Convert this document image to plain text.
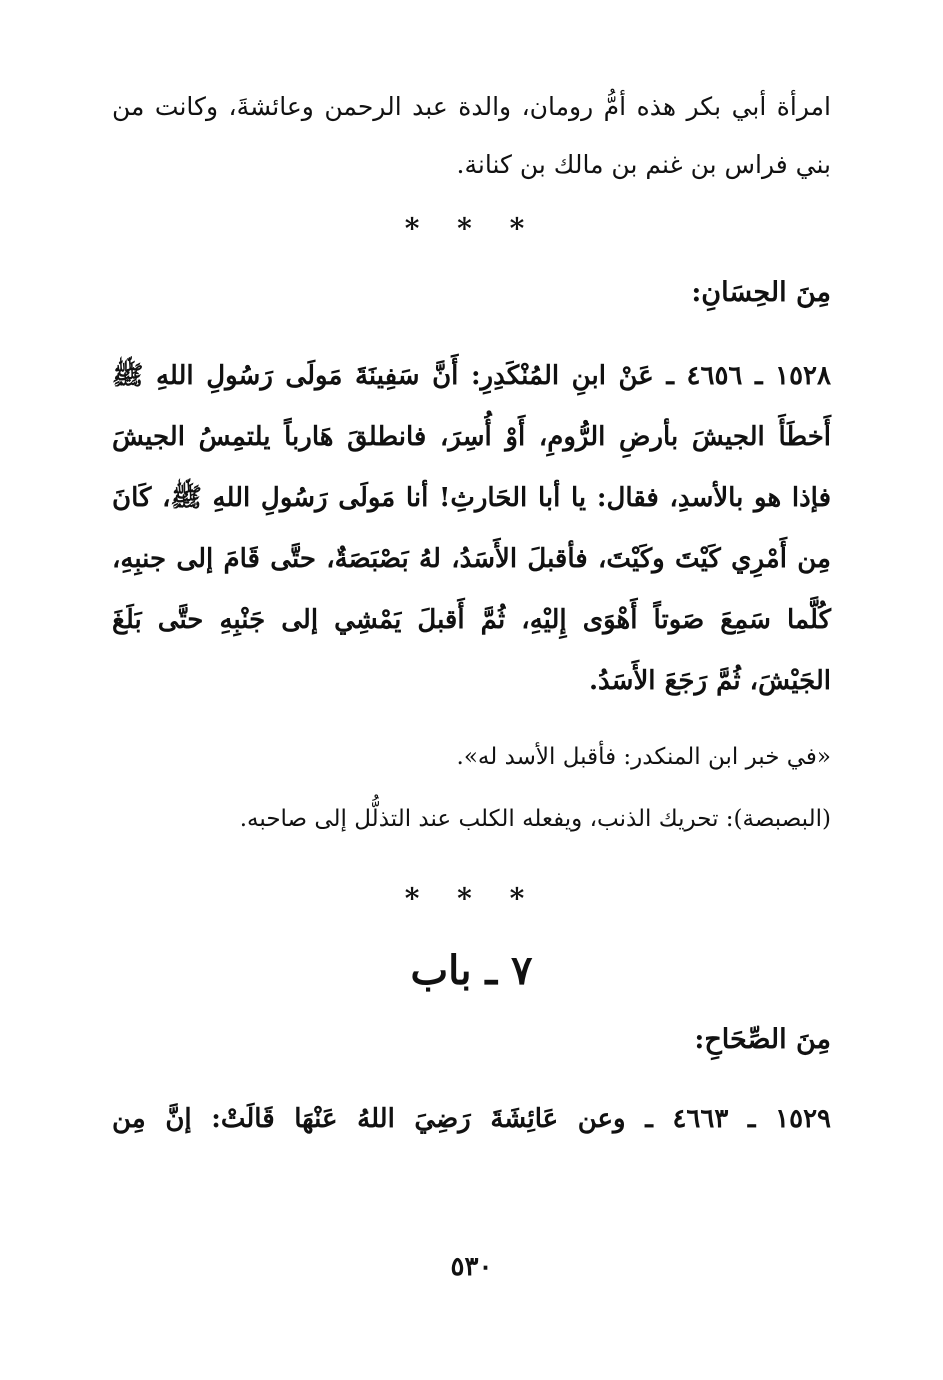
امرأة أبي بكر هذه أمُّ رومان، والدة عبد الرحمن وعائشةَ، وكانت من بني فراس بن غنم بن مالك بن كنانة.

* * *

مِنَ الحِسَانِ:

١٥٢٨ ـ ٤٦٥٦ ـ عَنْ ابنِ المُنْكَدِرِ: أَنَّ سَفِينَةَ مَولَى رَسُولِ اللهِ ﷺ أَخطَأَ الجيشَ بأرضِ الرُّومِ، أَوْ أُسِرَ، فانطلقَ هَارباً يلتمِسُ الجيشَ فإذا هو بالأسدِ، فقال: يا أبا الحَارثِ! أنا مَولَى رَسُولِ اللهِ ﷺ، كَانَ مِن أَمْرِي كَيْتَ وكَيْتَ، فأقبلَ الأَسَدُ، لهُ بَصْبَصَةٌ، حتَّى قَامَ إلى جنبِهِ، كُلَّما سَمِعَ صَوتاً أَهْوَى إِليْهِ، ثُمَّ أَقبلَ يَمْشِي إلى جَنْبِهِ حتَّى بَلَغَ الجَيْشَ، ثُمَّ رَجَعَ الأَسَدُ.

«في خبر ابن المنكدر: فأقبل الأسد له».

(البصبصة): تحريك الذنب، ويفعله الكلب عند التذلُّل إلى صاحبه.

* * *

٧ ـ باب

مِنَ الصِّحَاحِ:

١٥٢٩ ـ ٤٦٦٣ ـ وعن عَائِشَةَ رَضِيَ اللهُ عَنْهَا قَالَتْ: إنَّ مِن

٥٣٠
